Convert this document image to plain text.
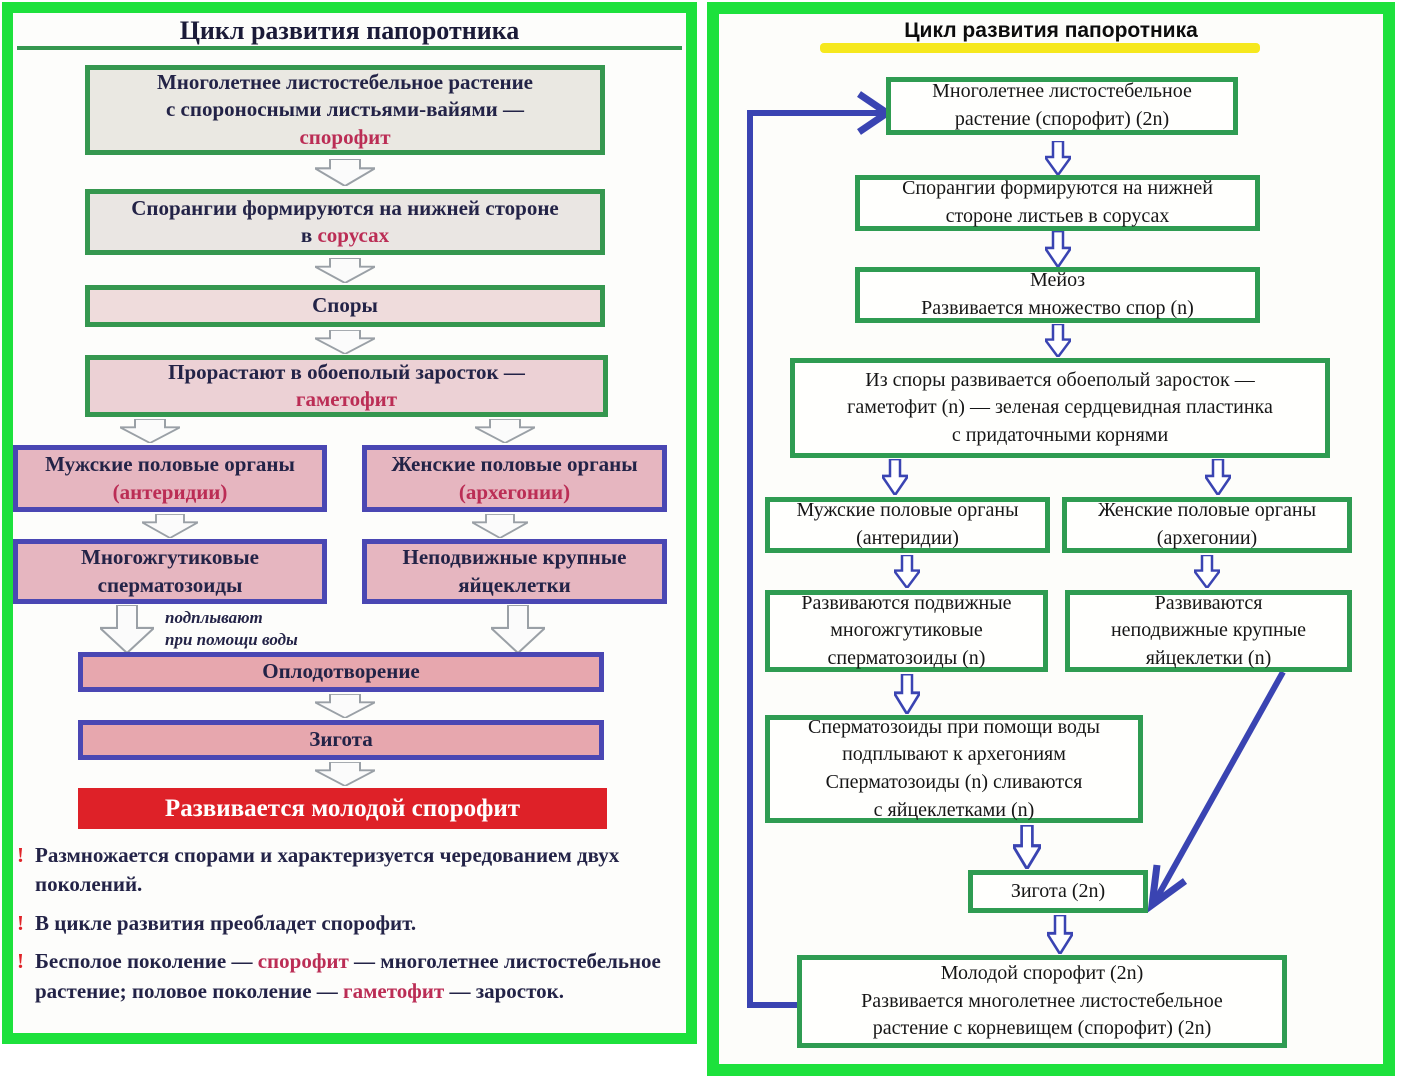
Цикл развития папоротника
Многолетнее листостебельное растение
с спороносными листьями-вайями —
спорофит
Спорангии формируются на нижней стороне
в сорусах
Споры
Прорастают в обоеполый заросток —
гаметофит
Мужские половые органы
(антеридии)
Женские половые органы
(архегонии)
Многожгутиковые
сперматозоиды
Неподвижные крупные
яйцеклетки
подплывают
при помощи воды
Оплодотворение
Зигота
Развивается молодой спорофит
! Размножается спорами и характеризуется чередованием двух поколений.
! В цикле развития преобладет спорофит.
! Бесполое поколение — спорофит — многолетнее листостебельное растение; половое поколение — гаметофит — заросток.
Цикл развития папоротника
Многолетнее листостебельное
растение (спорофит) (2n)
Спорангии формируются на нижней
стороне листьев в сорусах
Мейоз
Развивается множество спор (n)
Из споры развивается обоеполый заросток —
гаметофит (n) — зеленая сердцевидная пластинка
с придаточными корнями
Мужские половые органы
(антеридии)
Женские половые органы
(архегонии)
Развиваются подвижные
многожгутиковые
сперматозоиды (n)
Развиваются
неподвижные крупные
яйцеклетки (n)
Сперматозоиды при помощи воды
подплывают к архегониям
Сперматозоиды (n) сливаются
с яйцеклетками (n)
Зигота (2n)
Молодой спорофит (2n)
Развивается многолетнее листостебельное
растение с корневищем (спорофит) (2n)
